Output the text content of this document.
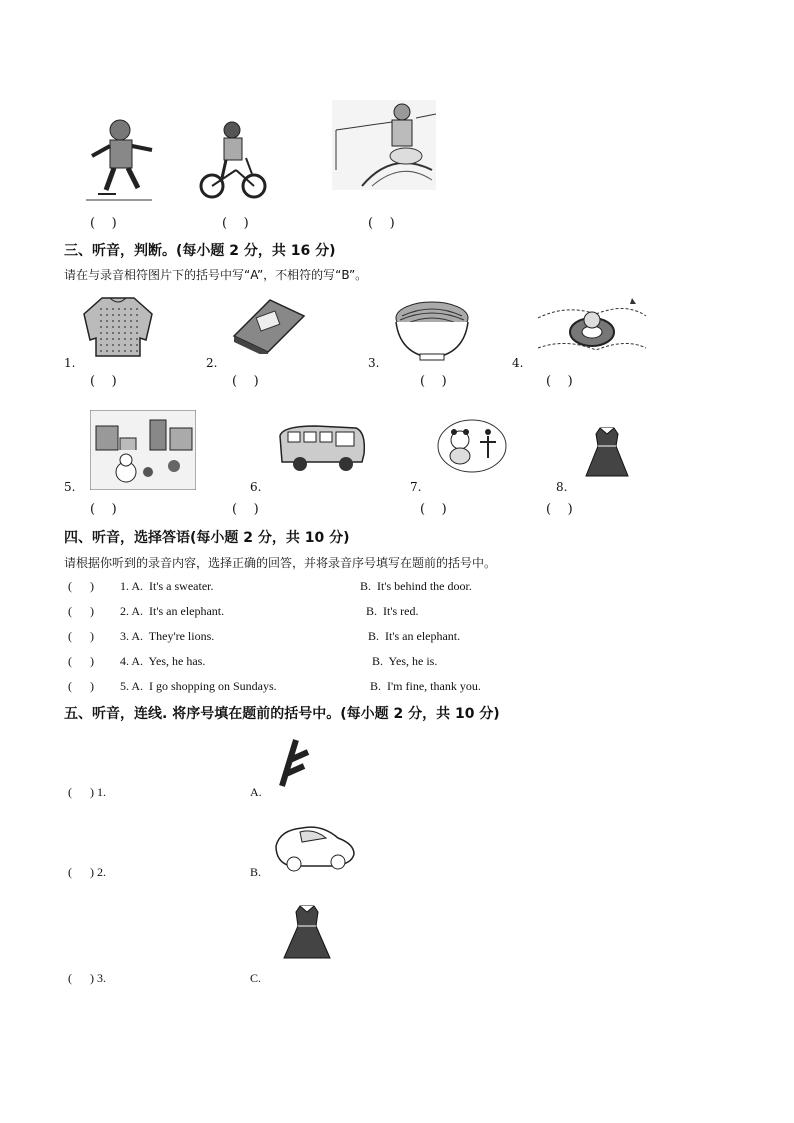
(    )	(    )	(    )
三、听音，判断。(每小题 2 分，共 16 分)
请在与录音相符图片下的括号中写“A”，不相符的写“B”。
1.
(    )
2.
(    )
3.
(    )
4.
(    )
5.
(    )
6.
(    )
7.
(    )
8.
(    )
四、听音，选择答语(每小题 2 分，共 10 分)
请根据你听到的录音内容，选择正确的回答，并将录音序号填写在题前的括号中。
(      ) 1. A.  It's a sweater.	B.  It's behind the door.
(      ) 2. A.  It's an elephant.	B.  It's red.
(      ) 3. A.  They're lions.	B.  It's an elephant.
(      ) 4. A.  Yes, he has.	B.  Yes, he is.
(      ) 5. A.  I go shopping on Sundays.	B.  I'm fine, thank you.
五、听音，连线. 将序号填在题前的括号中。(每小题 2 分，共 10 分)
(      ) 1.	A.
(      ) 2.	B.
(      ) 3.	C.
